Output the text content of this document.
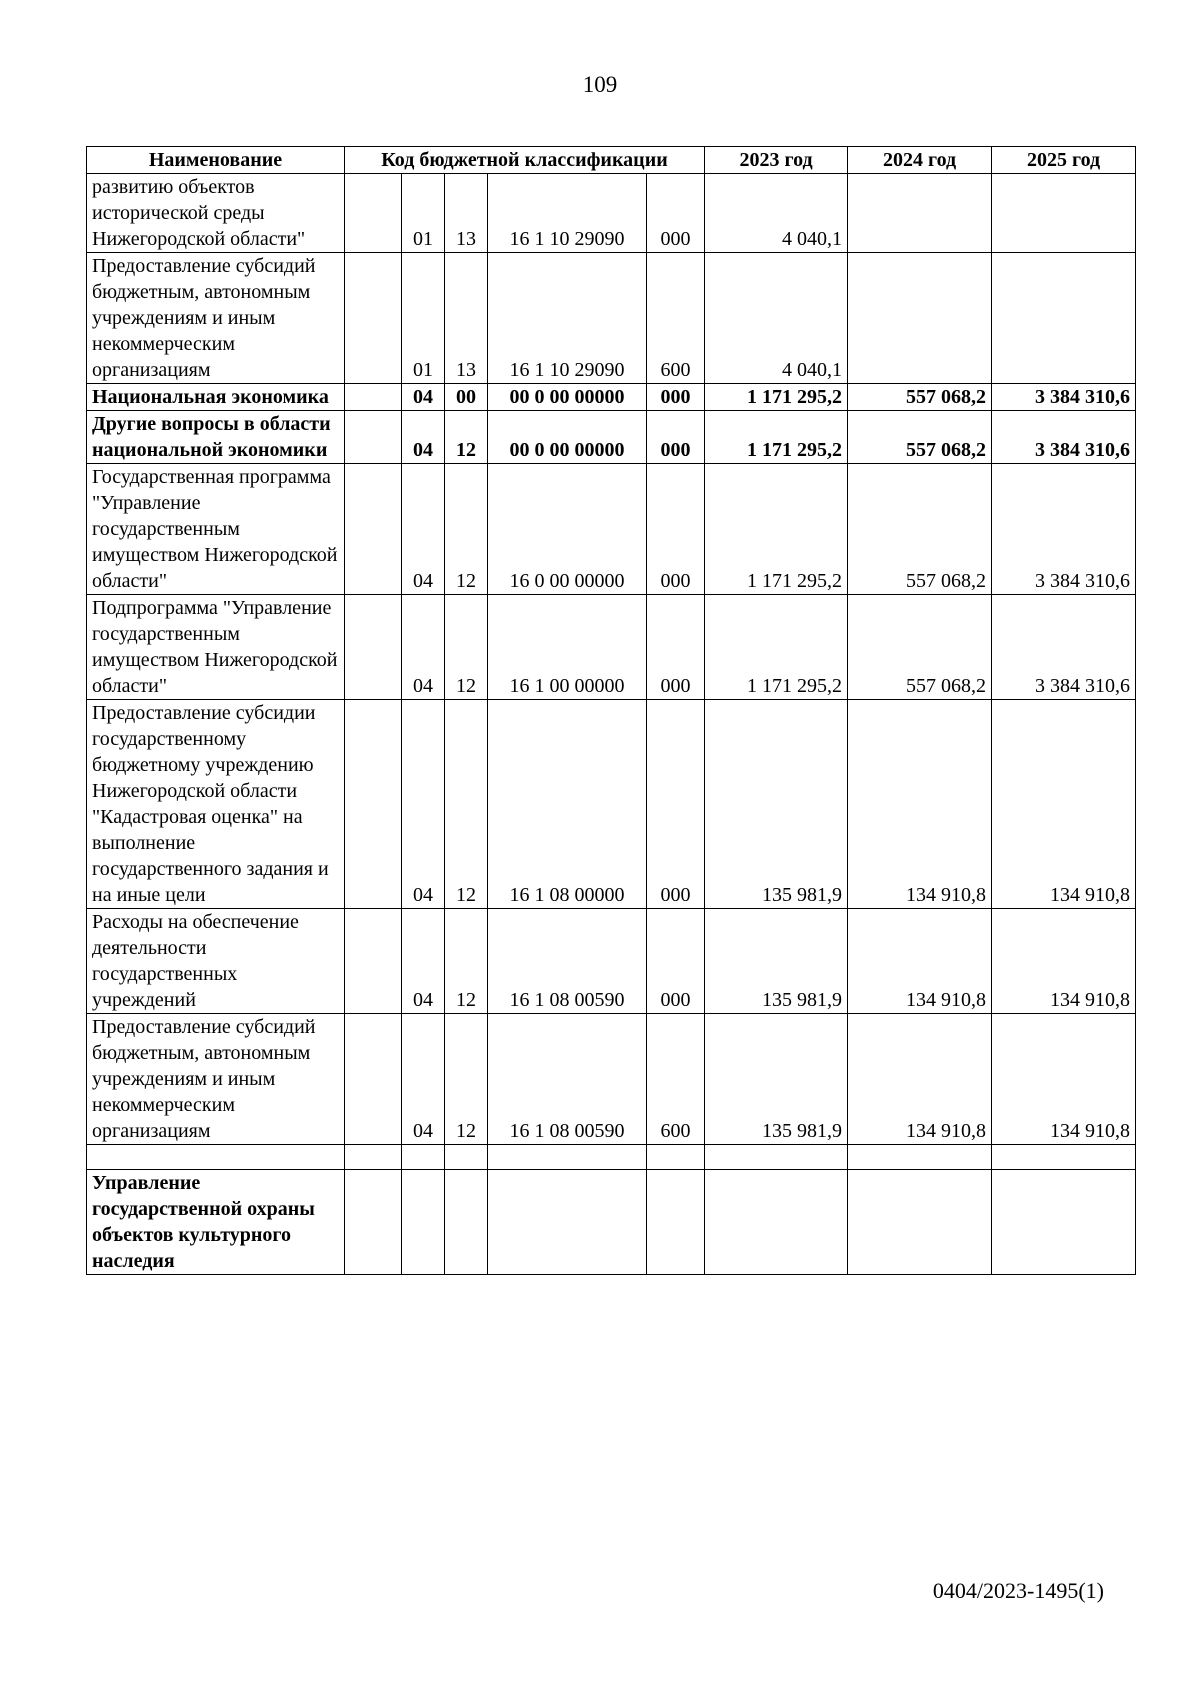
109
Наименование	Код бюджетной классификации					2023 год	2024 год	2025 год
развитию объектов исторической среды Нижегородской области"		01	13	16 1 10 29090	000	4 040,1		
Предоставление субсидий бюджетным, автономным учреждениям и иным некоммерческим организациям		01	13	16 1 10 29090	600	4 040,1		
Национальная экономика		04	00	00 0 00 00000	000	1 171 295,2	557 068,2	3 384 310,6
Другие вопросы в области национальной экономики		04	12	00 0 00 00000	000	1 171 295,2	557 068,2	3 384 310,6
Государственная программа "Управление государственным имуществом Нижегородской области"		04	12	16 0 00 00000	000	1 171 295,2	557 068,2	3 384 310,6
Подпрограмма "Управление государственным имуществом Нижегородской области"		04	12	16 1 00 00000	000	1 171 295,2	557 068,2	3 384 310,6
Предоставление субсидии государственному бюджетному учреждению Нижегородской области "Кадастровая оценка" на выполнение государственного задания и на иные цели		04	12	16 1 08 00000	000	135 981,9	134 910,8	134 910,8
Расходы на обеспечение деятельности государственных учреждений		04	12	16 1 08 00590	000	135 981,9	134 910,8	134 910,8
Предоставление субсидий бюджетным, автономным учреждениям и иным некоммерческим организациям		04	12	16 1 08 00590	600	135 981,9	134 910,8	134 910,8

Управление государственной охраны объектов культурного наследия								
0404/2023-1495(1)
